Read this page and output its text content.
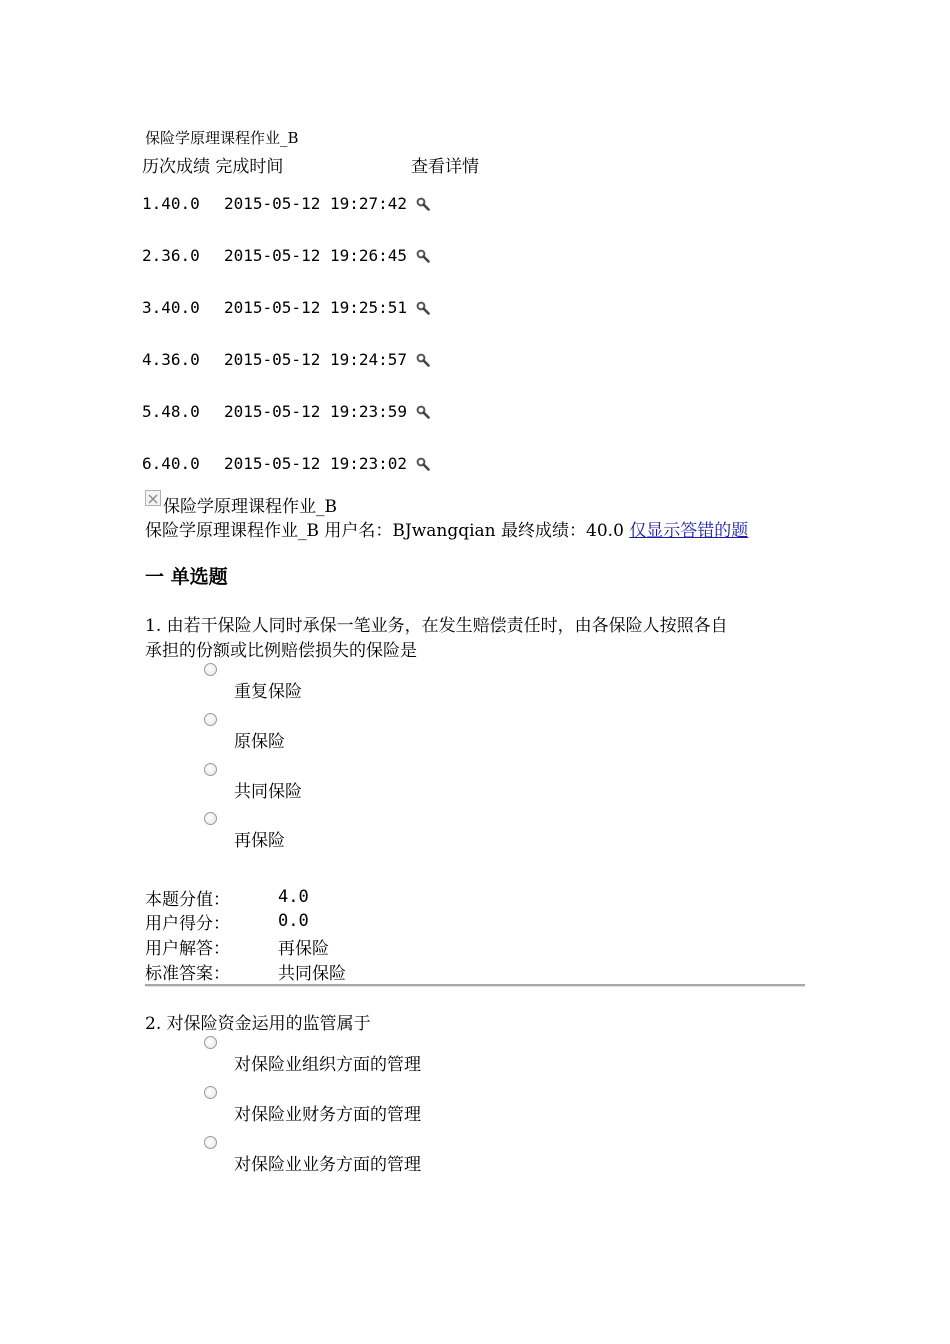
保险学原理课程作业_B
历次成绩 完成时间	查看详情
1.40.0	2015-05-12 19:27:42
2.36.0	2015-05-12 19:26:45
3.40.0	2015-05-12 19:25:51
4.36.0	2015-05-12 19:24:57
5.48.0	2015-05-12 19:23:59
6.40.0	2015-05-12 19:23:02
保险学原理课程作业_B
保险学原理课程作业_B 用户名：BJwangqian 最终成绩：40.0 仅显示答错的题
一 单选题
1. 由若干保险人同时承保一笔业务，在发生赔偿责任时，由各保险人按照各自
承担的份额或比例赔偿损失的保险是
重复保险
原保险
共同保险
再保险
本题分值：	4.0
用户得分：	0.0
用户解答：	再保险
标准答案：	共同保险
2. 对保险资金运用的监管属于
对保险业组织方面的管理
对保险业财务方面的管理
对保险业业务方面的管理
